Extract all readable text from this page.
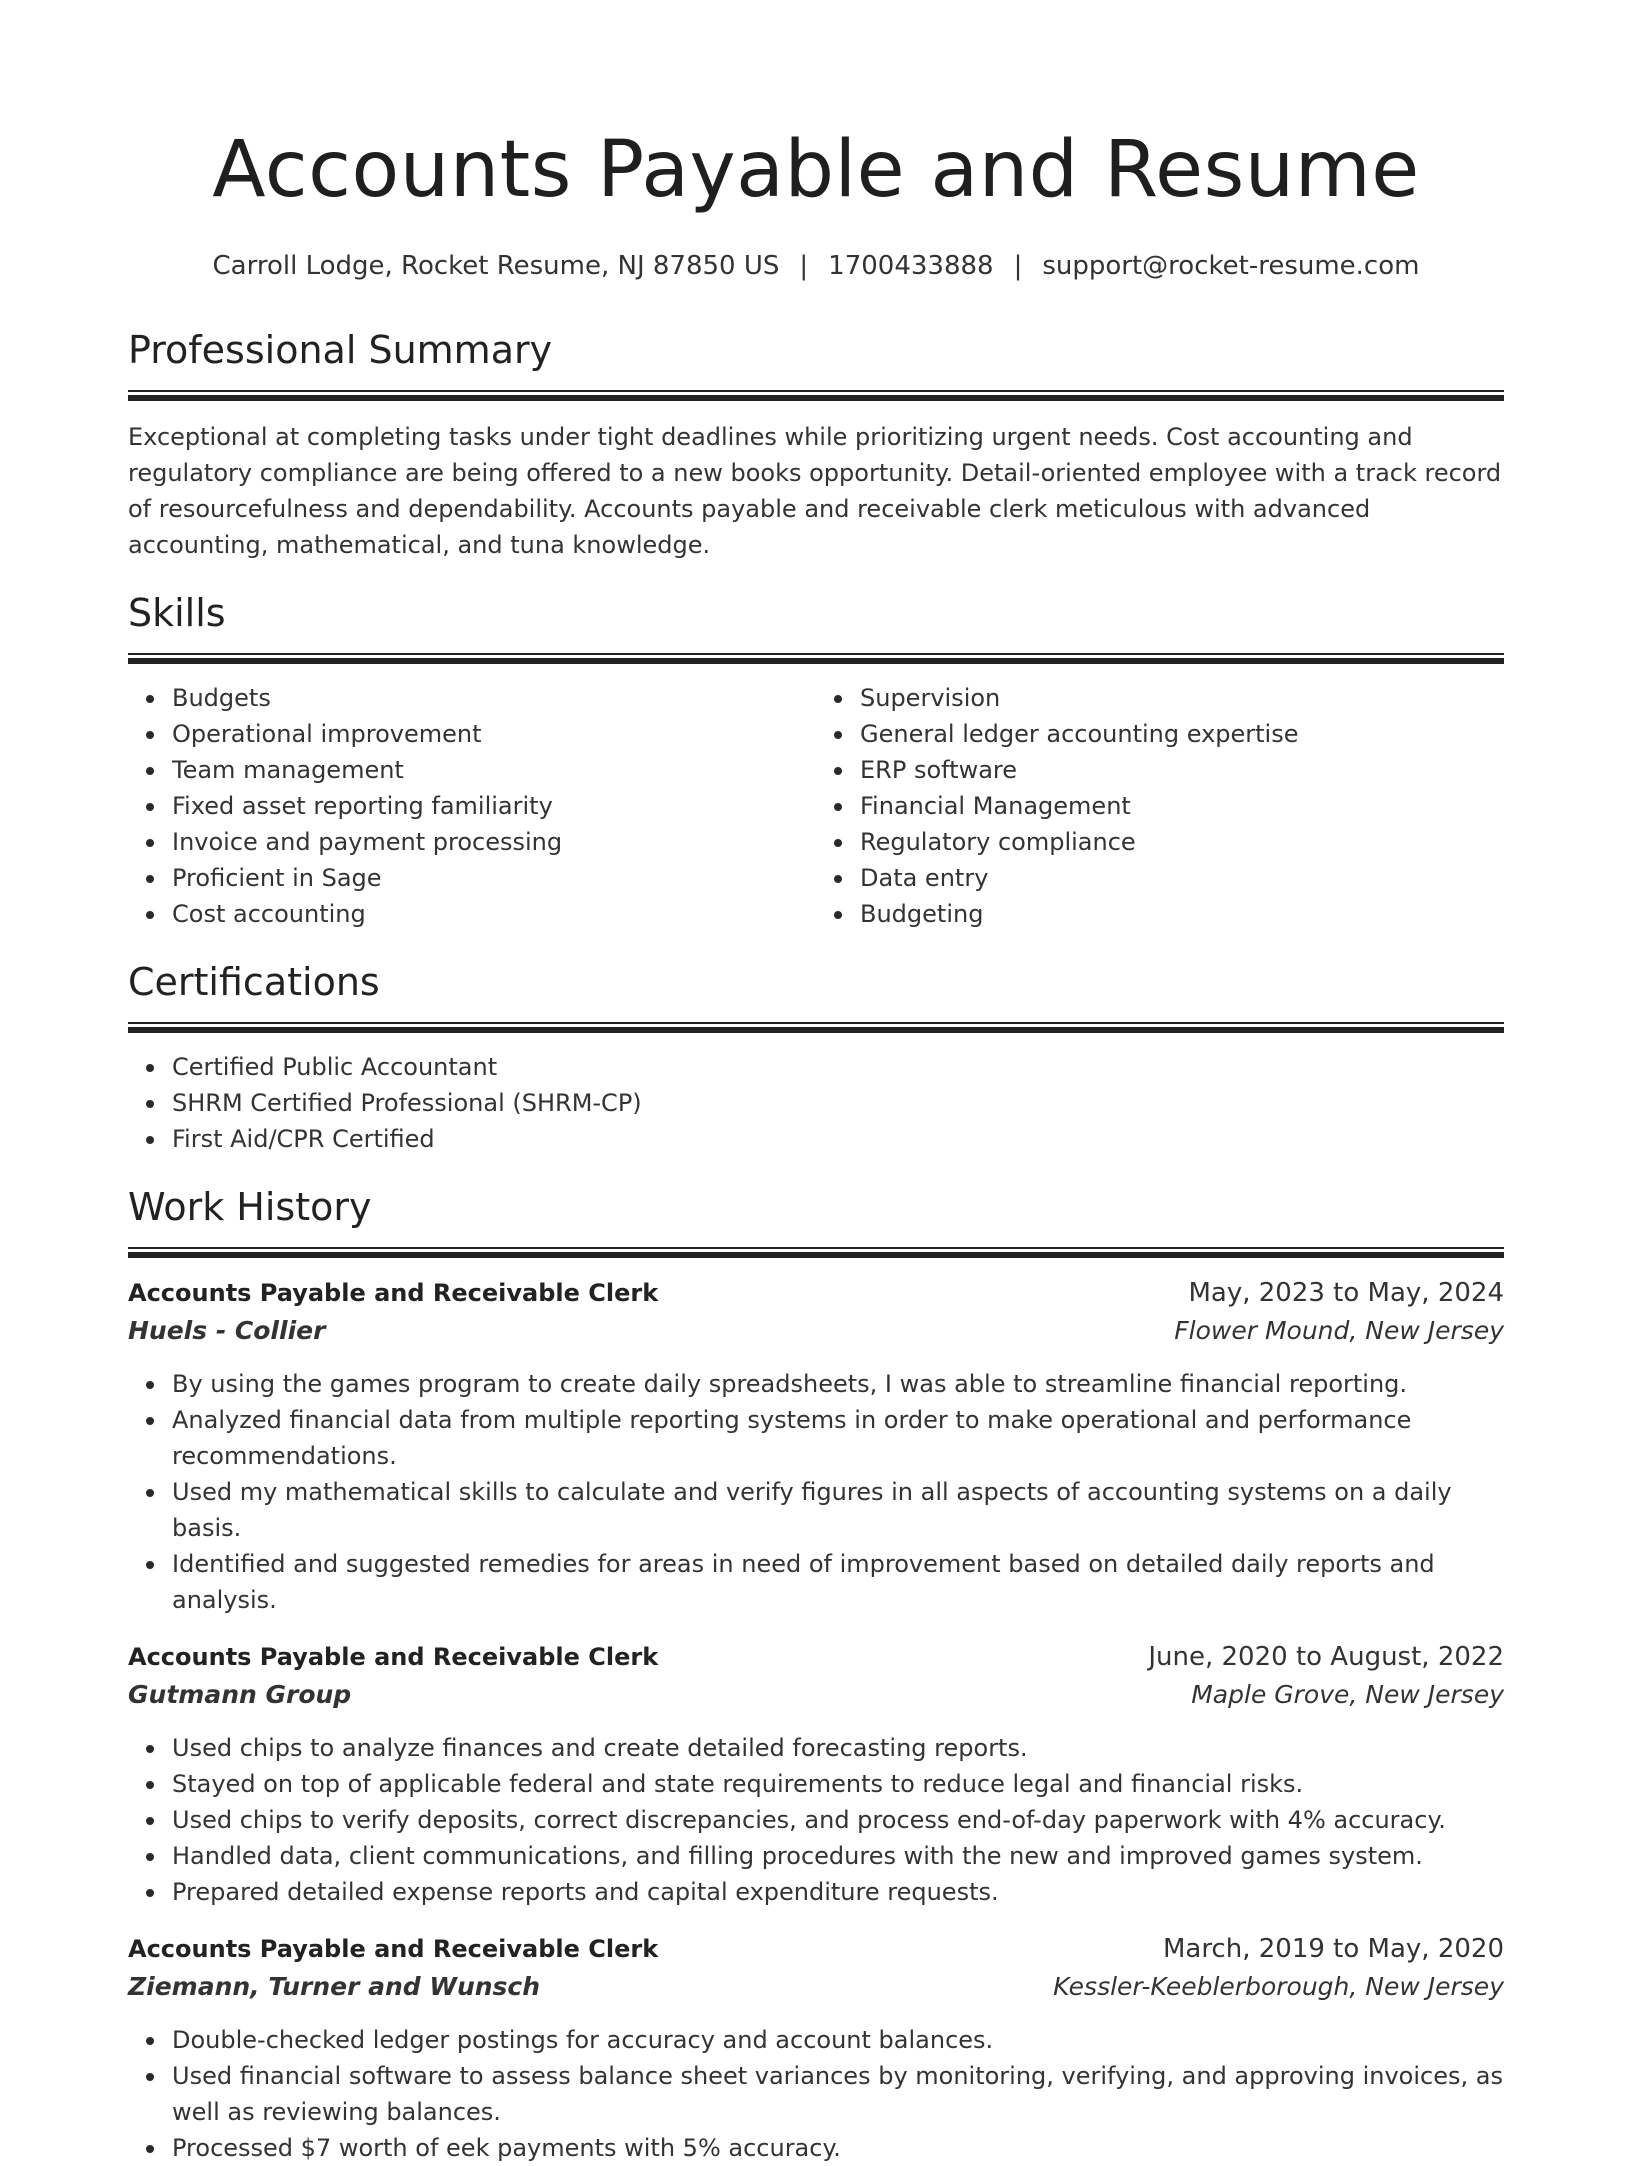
Accounts Payable and Resume
Carroll Lodge, Rocket Resume, NJ 87850 US | 1700433888 | support@rocket-resume.com
Professional Summary

Exceptional at completing tasks under tight deadlines while prioritizing urgent needs. Cost accounting and regulatory compliance are being offered to a new books opportunity. Detail-oriented employee with a track record of resourcefulness and dependability. Accounts payable and receivable clerk meticulous with advanced accounting, mathematical, and tuna knowledge.

Skills
Budgets
Operational improvement
Team management
Fixed asset reporting familiarity
Invoice and payment processing
Proficient in Sage
Cost accounting
Supervision
General ledger accounting expertise
ERP software
Financial Management
Regulatory compliance
Data entry
Budgeting
Certifications
Certified Public Accountant
SHRM Certified Professional (SHRM-CP)
First Aid/CPR Certified
Work History
Accounts Payable and Receivable Clerk	May, 2023 to May, 2024
Huels - Collier	Flower Mound, New Jersey
By using the games program to create daily spreadsheets, I was able to streamline financial reporting.
Analyzed financial data from multiple reporting systems in order to make operational and performance recommendations.
Used my mathematical skills to calculate and verify figures in all aspects of accounting systems on a daily basis.
Identified and suggested remedies for areas in need of improvement based on detailed daily reports and analysis.
Accounts Payable and Receivable Clerk	June, 2020 to August, 2022
Gutmann Group	Maple Grove, New Jersey
Used chips to analyze finances and create detailed forecasting reports.
Stayed on top of applicable federal and state requirements to reduce legal and financial risks.
Used chips to verify deposits, correct discrepancies, and process end-of-day paperwork with 4% accuracy.
Handled data, client communications, and filling procedures with the new and improved games system.
Prepared detailed expense reports and capital expenditure requests.
Accounts Payable and Receivable Clerk	March, 2019 to May, 2020
Ziemann, Turner and Wunsch	Kessler-Keeblerborough, New Jersey
Double-checked ledger postings for accuracy and account balances.
Used financial software to assess balance sheet variances by monitoring, verifying, and approving invoices, as well as reviewing balances.
Processed $7 worth of eek payments with 5% accuracy.
